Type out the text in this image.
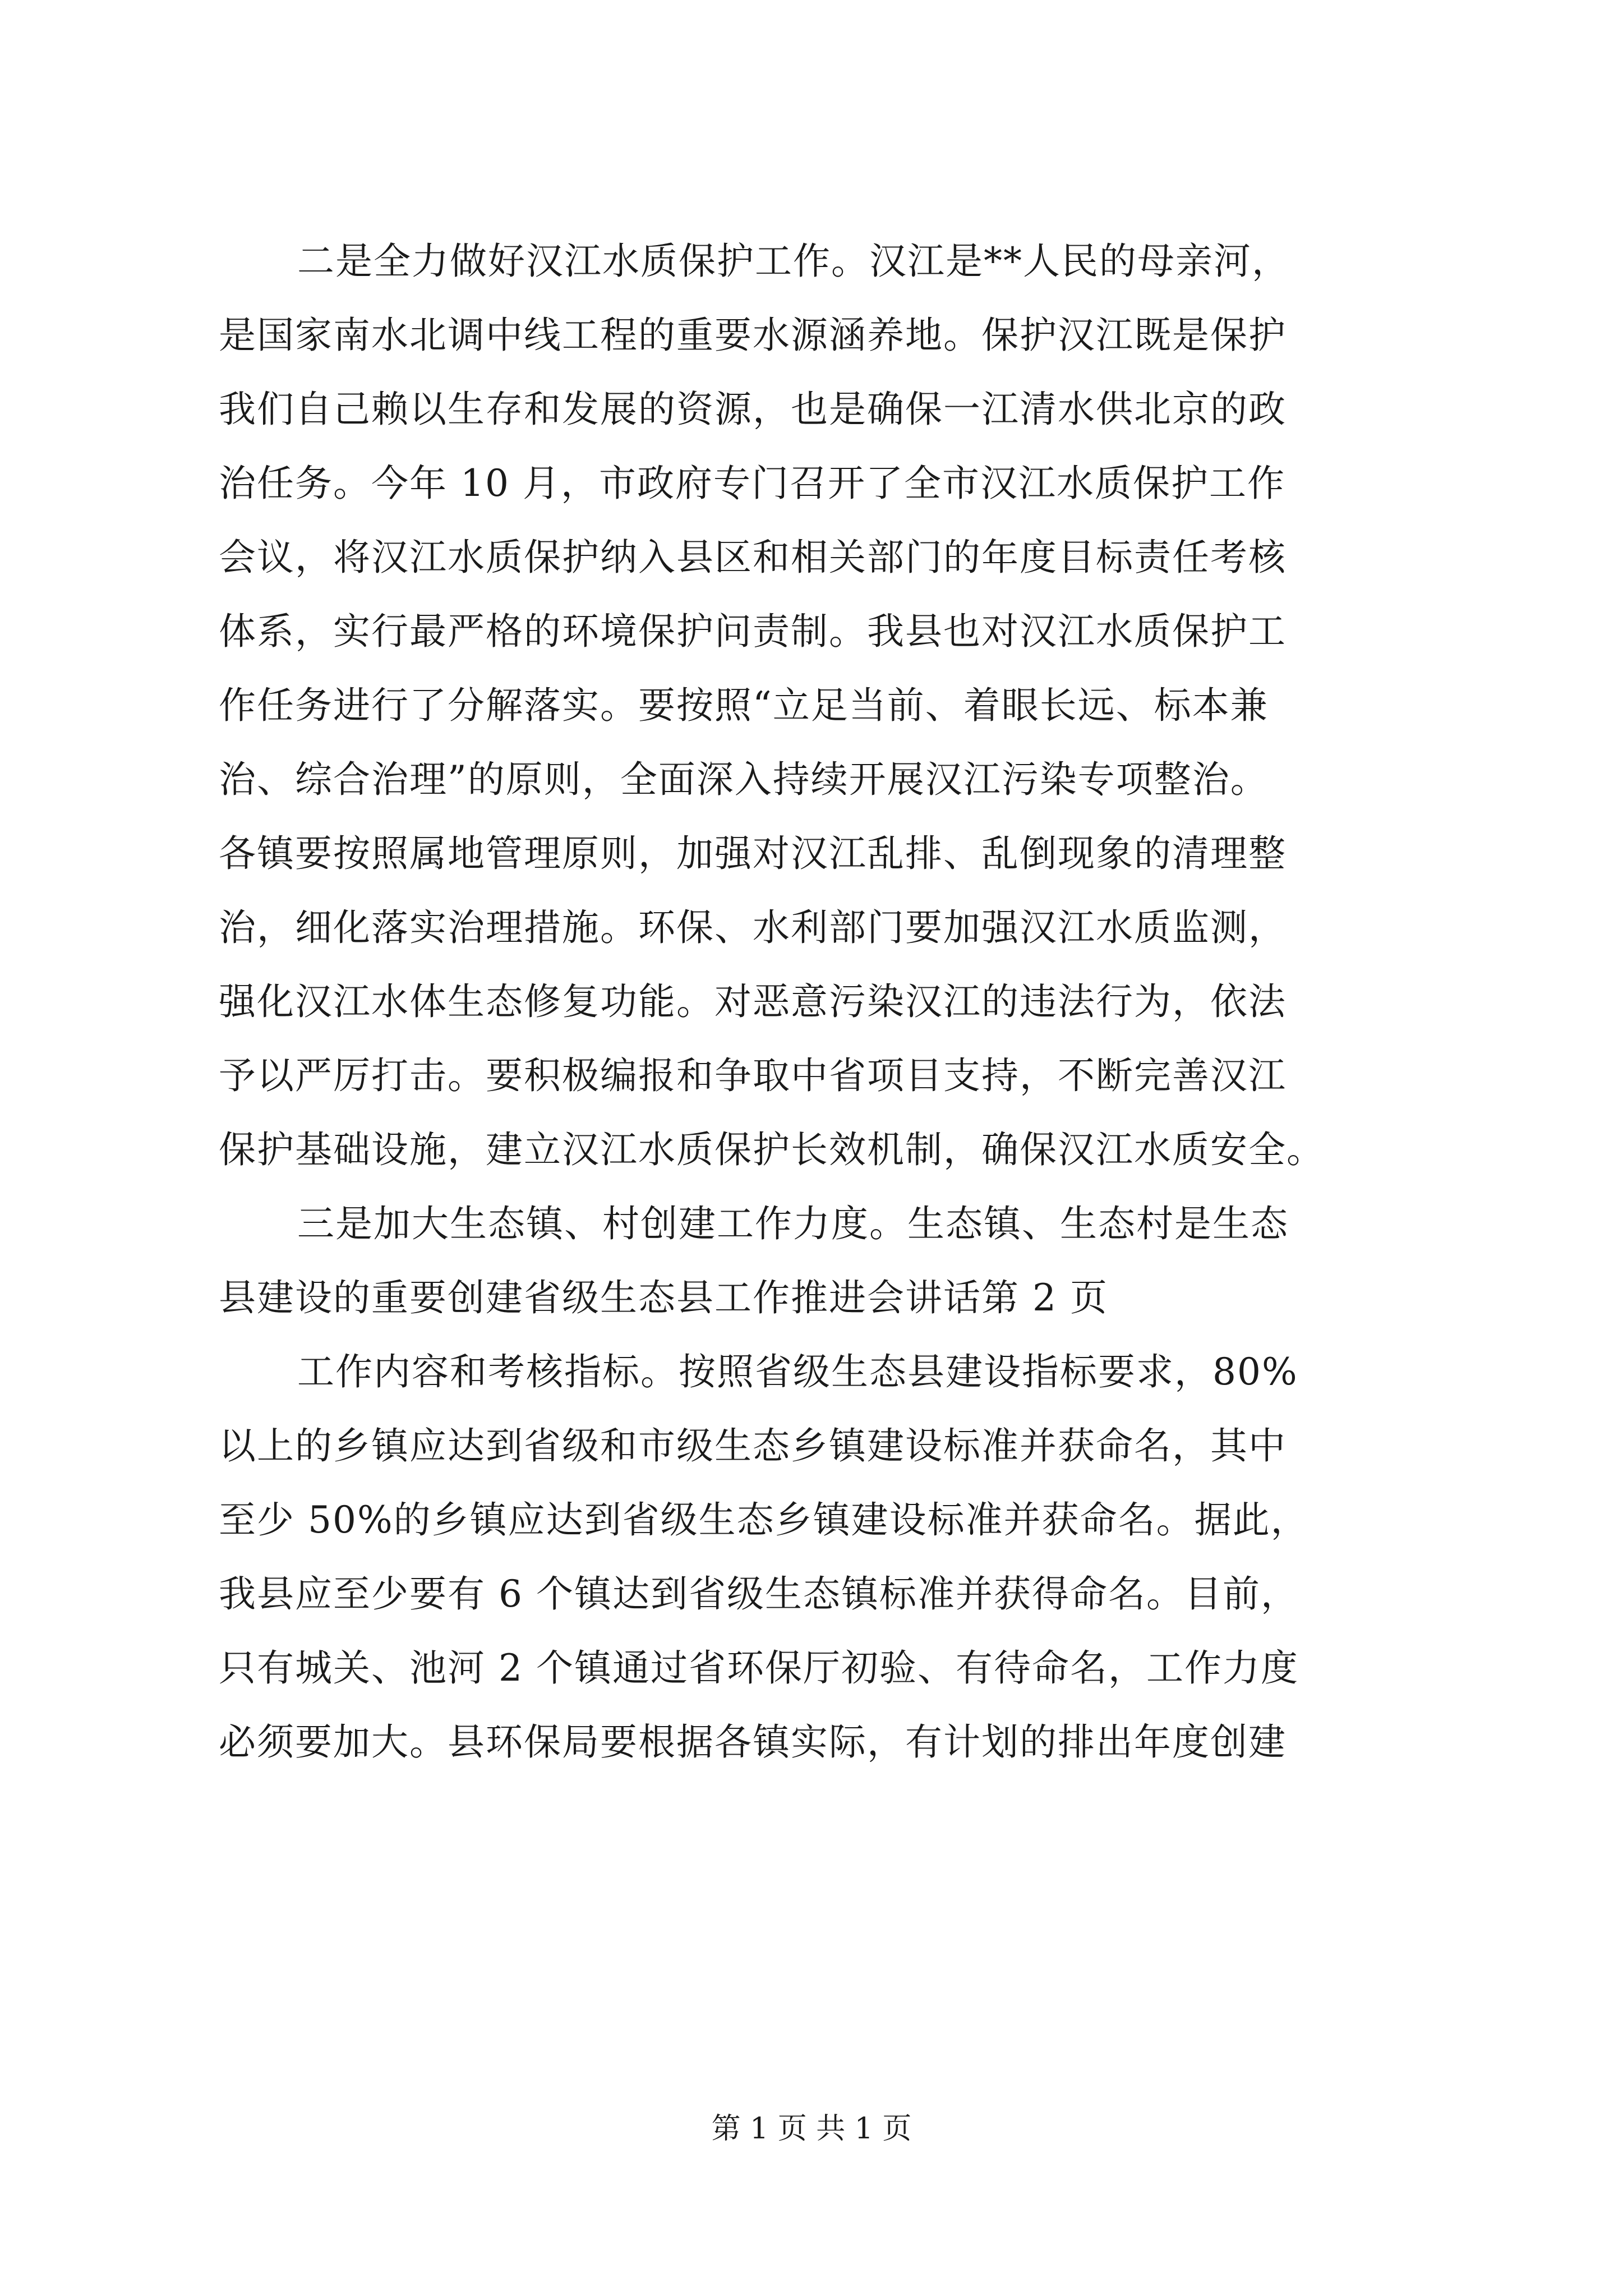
二是全力做好汉江水质保护工作。汉江是**人民的母亲河，
是国家南水北调中线工程的重要水源涵养地。保护汉江既是保护
我们自己赖以生存和发展的资源，也是确保一江清水供北京的政
治任务。今年 10 月，市政府专门召开了全市汉江水质保护工作
会议，将汉江水质保护纳入县区和相关部门的年度目标责任考核
体系，实行最严格的环境保护问责制。我县也对汉江水质保护工
作任务进行了分解落实。要按照“立足当前、着眼长远、标本兼
治、综合治理”的原则，全面深入持续开展汉江污染专项整治。
各镇要按照属地管理原则，加强对汉江乱排、乱倒现象的清理整
治，细化落实治理措施。环保、水利部门要加强汉江水质监测，
强化汉江水体生态修复功能。对恶意污染汉江的违法行为，依法
予以严厉打击。要积极编报和争取中省项目支持，不断完善汉江
保护基础设施，建立汉江水质保护长效机制，确保汉江水质安全。

三是加大生态镇、村创建工作力度。生态镇、生态村是生态
县建设的重要创建省级生态县工作推进会讲话第 2 页

工作内容和考核指标。按照省级生态县建设指标要求，80%
以上的乡镇应达到省级和市级生态乡镇建设标准并获命名，其中
至少 50%的乡镇应达到省级生态乡镇建设标准并获命名。据此，
我县应至少要有 6 个镇达到省级生态镇标准并获得命名。目前，
只有城关、池河 2 个镇通过省环保厅初验、有待命名，工作力度
必须要加大。县环保局要根据各镇实际，有计划的排出年度创建

第 1 页 共 1 页
